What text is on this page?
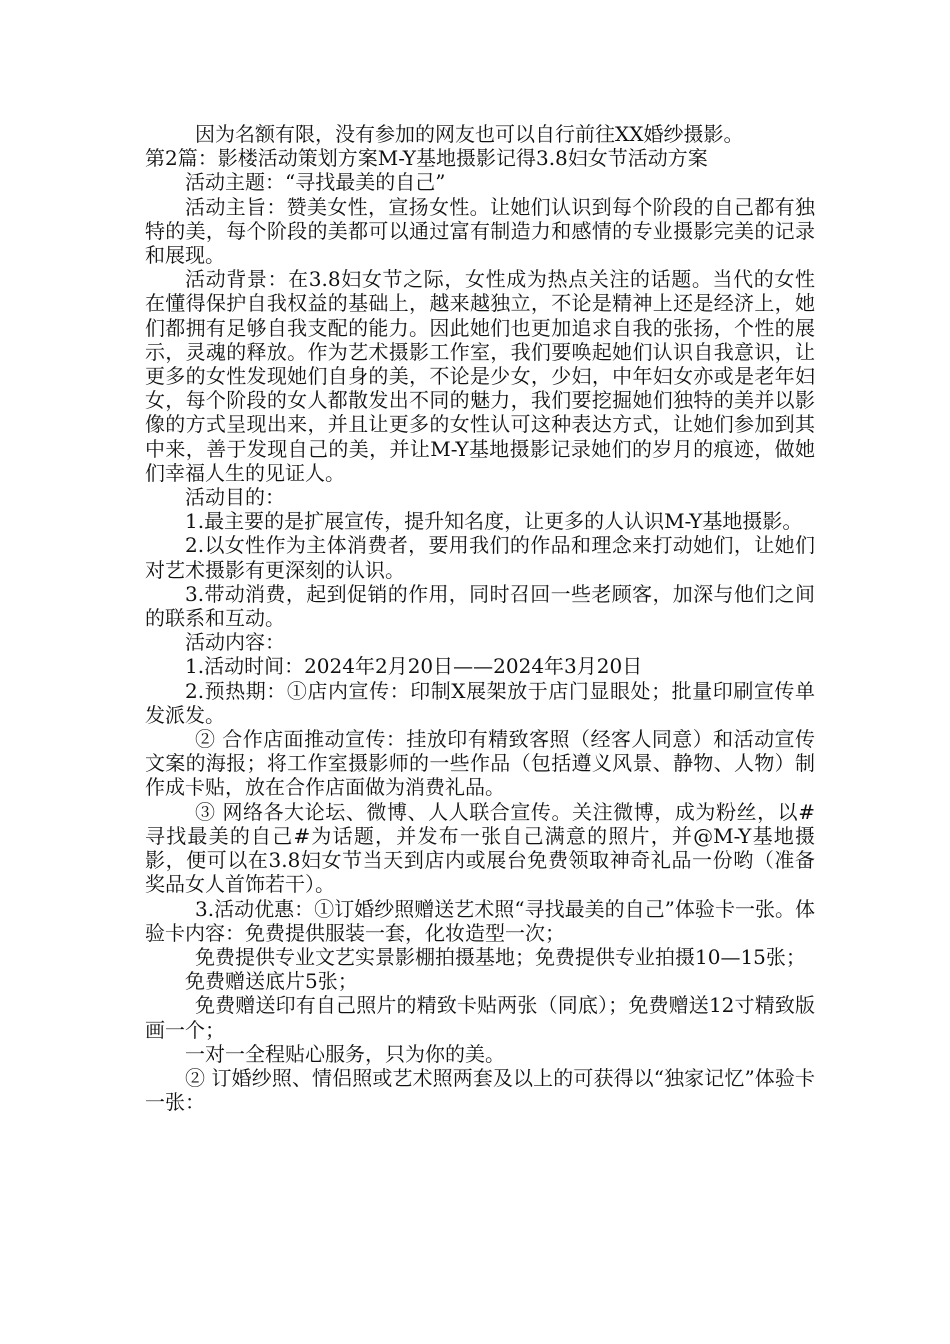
因为名额有限，没有参加的网友也可以自行前往XX婚纱摄影。

第2篇：影楼活动策划方案M-Y基地摄影记得3.8妇女节活动方案

活动主题：“寻找最美的自己”

活动主旨：赞美女性，宣扬女性。让她们认识到每个阶段的自己都有独特的美，每个阶段的美都可以通过富有制造力和感情的专业摄影完美的记录和展现。

活动背景：在3.8妇女节之际，女性成为热点关注的话题。当代的女性在懂得保护自我权益的基础上，越来越独立，不论是精神上还是经济上，她们都拥有足够自我支配的能力。因此她们也更加追求自我的张扬，个性的展示，灵魂的释放。作为艺术摄影工作室，我们要唤起她们认识自我意识，让更多的女性发现她们自身的美，不论是少女，少妇，中年妇女亦或是老年妇女，每个阶段的女人都散发出不同的魅力，我们要挖掘她们独特的美并以影像的方式呈现出来，并且让更多的女性认可这种表达方式，让她们参加到其中来，善于发现自己的美，并让M-Y基地摄影记录她们的岁月的痕迹，做她们幸福人生的见证人。

活动目的：

1.最主要的是扩展宣传，提升知名度，让更多的人认识M-Y基地摄影。

2.以女性作为主体消费者，要用我们的作品和理念来打动她们，让她们对艺术摄影有更深刻的认识。

3.带动消费，起到促销的作用，同时召回一些老顾客，加深与他们之间的联系和互动。

活动内容：

1.活动时间：2024年2月20日——2024年3月20日

2.预热期：①店内宣传：印制X展架放于店门显眼处；批量印刷宣传单发派发。

② 合作店面推动宣传：挂放印有精致客照（经客人同意）和活动宣传文案的海报；将工作室摄影师的一些作品（包括遵义风景、静物、人物）制作成卡贴，放在合作店面做为消费礼品。

③ 网络各大论坛、微博、人人联合宣传。关注微博，成为粉丝，以#寻找最美的自己#为话题，并发布一张自己满意的照片，并@M-Y基地摄影，便可以在3.8妇女节当天到店内或展台免费领取神奇礼品一份哟（准备奖品女人首饰若干）。

3.活动优惠：①订婚纱照赠送艺术照“寻找最美的自己”体验卡一张。体验卡内容：免费提供服装一套，化妆造型一次；

免费提供专业文艺实景影棚拍摄基地；免费提供专业拍摄10—15张；

免费赠送底片5张；

免费赠送印有自己照片的精致卡贴两张（同底）；免费赠送12寸精致版画一个；

一对一全程贴心服务，只为你的美。

② 订婚纱照、情侣照或艺术照两套及以上的可获得以“独家记忆”体验卡一张：
